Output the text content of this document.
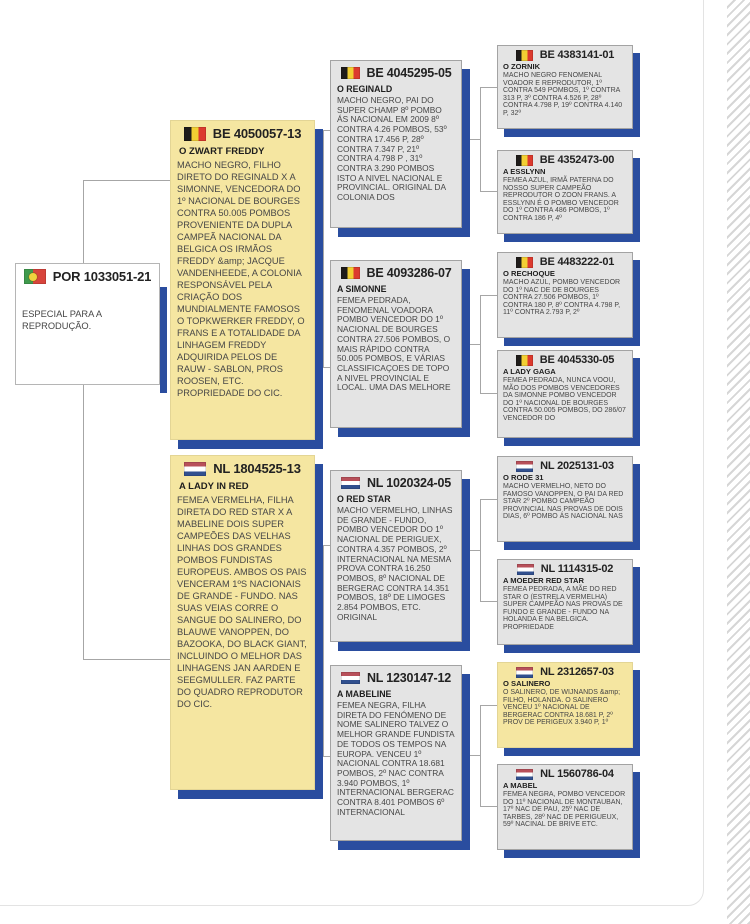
POR 1033051-21
ESPECIAL PARA A REPRODUÇÃO.
BE 4050057-13
O ZWART FREDDY
MACHO NEGRO, FILHO DIRETO DO REGINALD X A SIMONNE, VENCEDORA DO 1º NACIONAL DE BOURGES CONTRA 50.005 POMBOS PROVENIENTE DA DUPLA CAMPEÃ NACIONAL DA BELGICA OS IRMÃOS FREDDY &amp; JACQUE VANDENHEEDE, A COLONIA RESPONSÁVEL PELA CRIAÇÃO DOS MUNDIALMENTE FAMOSOS O TOPKWERKER FREDDY, O FRANS E A TOTALIDADE DA LINHAGEM FREDDY ADQUIRIDA PELOS DE RAUW - SABLON, PROS ROOSEN, ETC. PROPRIEDADE DO CIC.
NL 1804525-13
A LADY IN RED
FEMEA VERMELHA, FILHA DIRETA DO RED STAR X A MABELINE DOIS SUPER CAMPEÕES DAS VELHAS LINHAS DOS GRANDES POMBOS FUNDISTAS EUROPEUS. AMBOS OS PAIS VENCERAM 1ºS NACIONAIS DE GRANDE - FUNDO. NAS SUAS VEIAS CORRE O SANGUE DO SALINERO, DO BLAUWE VANOPPEN, DO BAZOOKA, DO BLACK GIANT, INCLUINDO O MELHOR DAS LINHAGENS JAN AARDEN E SEEGMULLER. FAZ PARTE DO QUADRO REPRODUTOR DO CIC.
BE 4045295-05
O REGINALD
MACHO NEGRO, PAI DO SUPER CHAMP 8º POMBO ÁS NACIONAL EM 2009 8º CONTRA 4.26 POMBOS, 53º CONTRA 17.456 P, 28º CONTRA 7.347 P, 21º CONTRA 4.798 P , 31º CONTRA 3.290 POMBOS ISTO A NIVEL NACIONAL E PROVINCIAL. ORIGINAL DA COLONIA DOS
BE 4093286-07
A SIMONNE
FEMEA PEDRADA, FENOMENAL VOADORA POMBO VENCEDOR DO 1º NACIONAL DE BOURGES CONTRA 27.506 POMBOS, O MAIS RÁPIDO CONTRA 50.005 POMBOS, E VÁRIAS CLASSIFICAÇOES DE TOPO A NIVEL PROVINCIAL E LOCAL. UMA DAS MELHORE
NL 1020324-05
O RED STAR
MACHO VERMELHO, LINHAS DE GRANDE - FUNDO, POMBO VENCEDOR DO 1º NACIONAL DE PERIGUEX, CONTRA 4.357 POMBOS, 2º INTERNACIONAL NA MESMA PROVA CONTRA 16.250 POMBOS, 8º NACIONAL DE BERGERAC CONTRA 14.351 POMBOS, 18º DE LIMOGES 2.854 POMBOS, ETC. ORIGINAL
NL 1230147-12
A MABELINE
FEMEA NEGRA, FILHA DIRETA DO FENÓMENO DE NOME SALINERO TALVEZ O MELHOR GRANDE FUNDISTA DE TODOS OS TEMPOS NA EUROPA. VENCEU 1º NACIONAL CONTRA 18.681 POMBOS, 2º NAC CONTRA 3.940 POMBOS, 1º INTERNACIONAL BERGERAC CONTRA 8.401 POMBOS 6º INTERNACIONAL
BE 4383141-01
O ZORNIK
MACHO NEGRO FENOMENAL VOADOR E REPRODUTOR, 1º CONTRA 549 POMBOS, 1º CONTRA 313 P, 3º CONTRA 4.526 P, 28º CONTRA 4.798 P, 19º CONTRA 4.140 P, 32º
BE 4352473-00
A ESSLYNN
FEMEA AZUL, IRMÃ PATERNA DO NOSSO SUPER CAMPEÃO REPRODUTOR O ZOON FRANS. A ESSLYNN É O POMBO VENCEDOR DO 1º CONTRA 486 POMBOS, 1º CONTRA 186 P, 4º
BE 4483222-01
O RECHOQUE
MACHO AZUL, POMBO VENCEDOR DO 1º NAC DE DE BOURGES CONTRA 27.506 POMBOS, 1º CONTRA 180 P, 8º CONTRA 4.798 P, 11º CONTRA 2.793 P, 2º
BE 4045330-05
A LADY GAGA
FEMEA PEDRADA, NUNCA VOOU, MÃO DOS POMBOS VENCEDORES DA SIMONNE POMBO VENCEDOR DO 1º NACIONAL DE BOURGES CONTRA 50.005 POMBOS, DO 286/07 VENCEDOR DO
NL 2025131-03
O RODE 31
MACHO VERMELHO, NETO DO FAMOSO VANOPPEN, O PAI DA RED STAR 2º POMBO CAMPEÃO PROVINCIAL NAS PROVAS DE DOIS DIAS, 6º POMBO ÁS NACIONAL NAS
NL 1114315-02
A MOEDER RED STAR
FEMEA PEDRADA, A MÃE DO RED STAR O (ESTRELA VERMELHA) SUPER CAMPEÃO NAS PROVAS DE FUNDO E GRANDE - FUNDO NA HOLANDA E NA BELGICA. PROPRIEDADE
NL 2312657-03
O SALINERO
O SALINERO, DE WIJNANDS &amp; FILHO, HOLANDA. O SALINERO VENCEU 1º NACIONAL DE BERGERAC CONTRA 18.681 P, 2º PROV DE PERIGEUX 3.940 P, 1º
NL 1560786-04
A MABEL
FEMEA NEGRA, POMBO VENCEDOR DO 11º NACIONAL DE MONTAUBAN, 17º NAC DE PAU, 25º NAC DE TARBES, 28º NAC DE PERIGUEUX, 59º NACINAL DE BRIVE ETC.
